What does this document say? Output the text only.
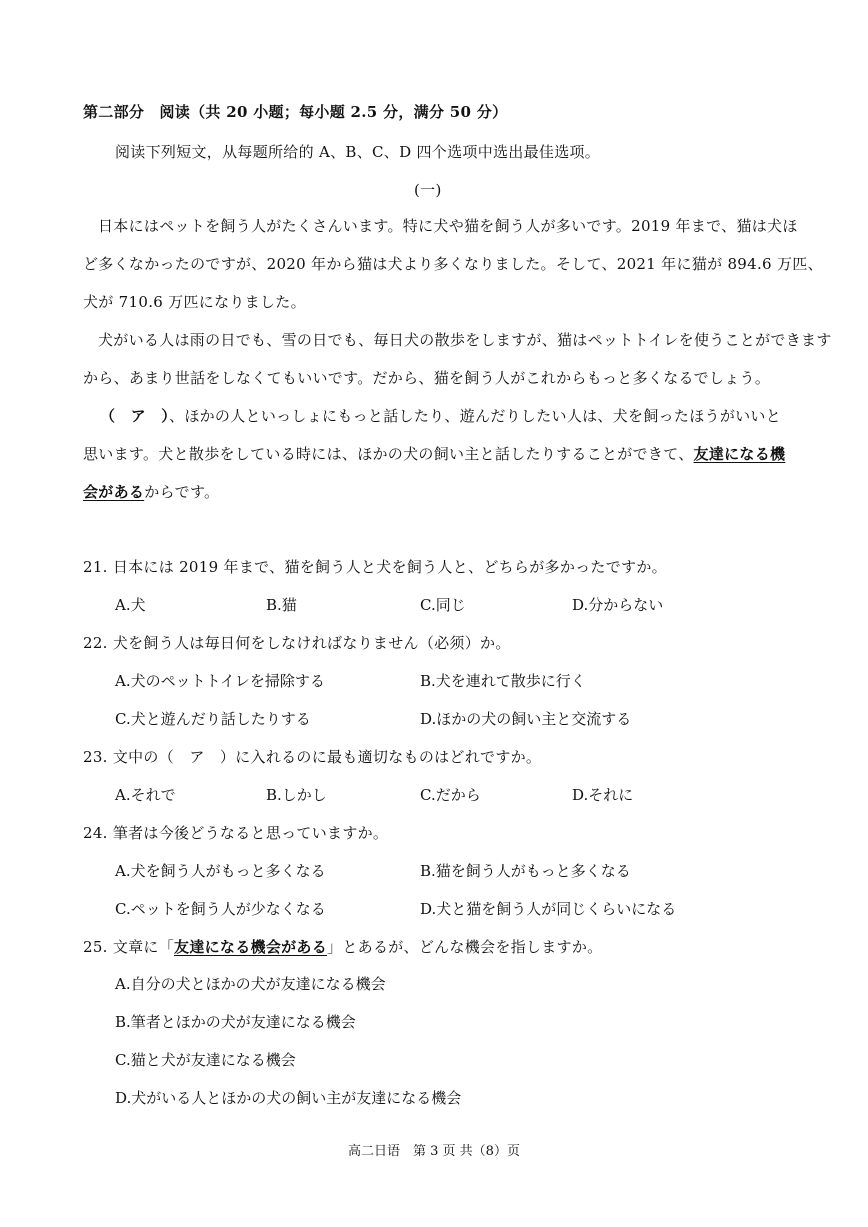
第二部分　阅读（共 20 小题；每小题 2.5 分，满分 50 分）
阅读下列短文，从每题所给的 A、B、C、D 四个选项中选出最佳选项。
(一)
日本にはペットを飼う人がたくさんいます。特に犬や猫を飼う人が多いです。2019 年まで、猫は犬ほ
ど多くなかったのですが、2020 年から猫は犬より多くなりました。そして、2021 年に猫が 894.6 万匹、
犬が 710.6 万匹になりました。
犬がいる人は雨の日でも、雪の日でも、毎日犬の散歩をしますが、猫はペットトイレを使うことができます
から、あまり世話をしなくてもいいです。だから、猫を飼う人がこれからもっと多くなるでしょう。
（　ア　）、ほかの人といっしょにもっと話したり、遊んだりしたい人は、犬を飼ったほうがいいと
思います。犬と散歩をしている時には、ほかの犬の飼い主と話したりすることができて、友達になる機
会があるからです。
21. 日本には 2019 年まで、猫を飼う人と犬を飼う人と、どちらが多かったですか。
A.犬	B.猫	C.同じ	D.分からない
22. 犬を飼う人は毎日何をしなければなりません（必须）か。
A.犬のペットトイレを掃除する	B.犬を連れて散歩に行く
C.犬と遊んだり話したりする	D.ほかの犬の飼い主と交流する
23. 文中の（　ア　）に入れるのに最も適切なものはどれですか。
A.それで	B.しかし	C.だから	D.それに
24. 筆者は今後どうなると思っていますか。
A.犬を飼う人がもっと多くなる	B.猫を飼う人がもっと多くなる
C.ペットを飼う人が少なくなる	D.犬と猫を飼う人が同じくらいになる
25. 文章に「友達になる機会がある」とあるが、どんな機会を指しますか。
A.自分の犬とほかの犬が友達になる機会
B.筆者とほかの犬が友達になる機会
C.猫と犬が友達になる機会
D.犬がいる人とほかの犬の飼い主が友達になる機会
高二日语　第 3 页 共（8）页
